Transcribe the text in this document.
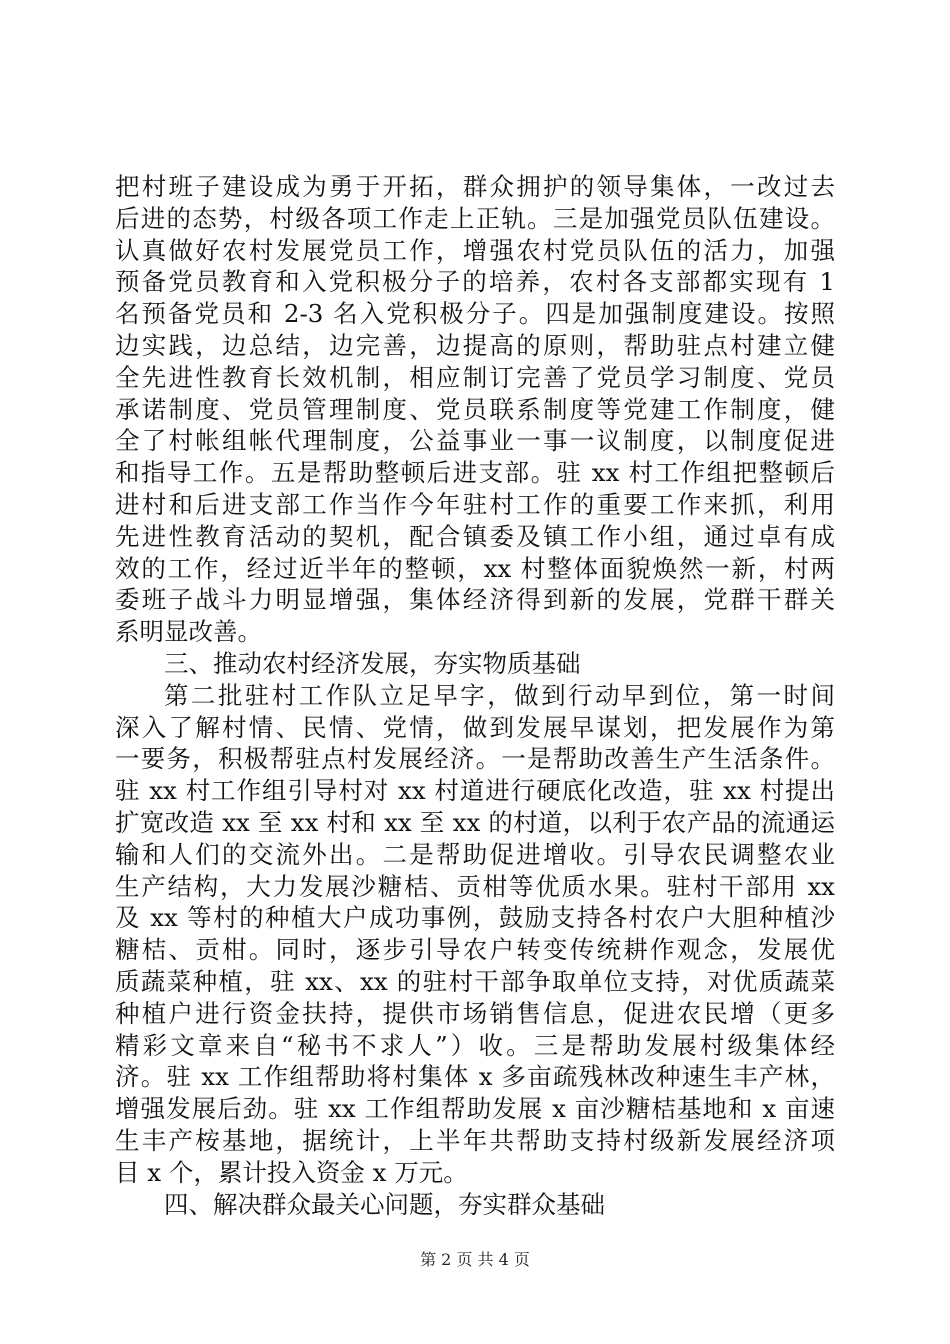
把村班子建设成为勇于开拓，群众拥护的领导集体，一改过去
后进的态势，村级各项工作走上正轨。三是加强党员队伍建设。
认真做好农村发展党员工作，增强农村党员队伍的活力，加强
预备党员教育和入党积极分子的培养，农村各支部都实现有 1
名预备党员和 2-3 名入党积极分子。四是加强制度建设。按照
边实践，边总结，边完善，边提高的原则，帮助驻点村建立健
全先进性教育长效机制，相应制订完善了党员学习制度、党员
承诺制度、党员管理制度、党员联系制度等党建工作制度，健
全了村帐组帐代理制度，公益事业一事一议制度，以制度促进
和指导工作。五是帮助整顿后进支部。驻 xx 村工作组把整顿后
进村和后进支部工作当作今年驻村工作的重要工作来抓，利用
先进性教育活动的契机，配合镇委及镇工作小组，通过卓有成
效的工作，经过近半年的整顿，xx 村整体面貌焕然一新，村两
委班子战斗力明显增强，集体经济得到新的发展，党群干群关
系明显改善。
三、推动农村经济发展，夯实物质基础
第二批驻村工作队立足早字，做到行动早到位，第一时间
深入了解村情、民情、党情，做到发展早谋划，把发展作为第
一要务，积极帮驻点村发展经济。一是帮助改善生产生活条件。
驻 xx 村工作组引导村对 xx 村道进行硬底化改造，驻 xx 村提出
扩宽改造 xx 至 xx 村和 xx 至 xx 的村道，以利于农产品的流通运
输和人们的交流外出。二是帮助促进增收。引导农民调整农业
生产结构，大力发展沙糖桔、贡柑等优质水果。驻村干部用 xx
及 xx 等村的种植大户成功事例，鼓励支持各村农户大胆种植沙
糖桔、贡柑。同时，逐步引导农户转变传统耕作观念，发展优
质蔬菜种植，驻 xx、xx 的驻村干部争取单位支持，对优质蔬菜
种植户进行资金扶持，提供市场销售信息，促进农民增（更多
精彩文章来自“秘书不求人”）收。三是帮助发展村级集体经
济。驻 xx 工作组帮助将村集体 x 多亩疏残林改种速生丰产林，
增强发展后劲。驻 xx 工作组帮助发展 x 亩沙糖桔基地和 x 亩速
生丰产桉基地，据统计，上半年共帮助支持村级新发展经济项
目 x 个，累计投入资金 x 万元。
四、解决群众最关心问题，夯实群众基础
第 2 页 共 4 页
